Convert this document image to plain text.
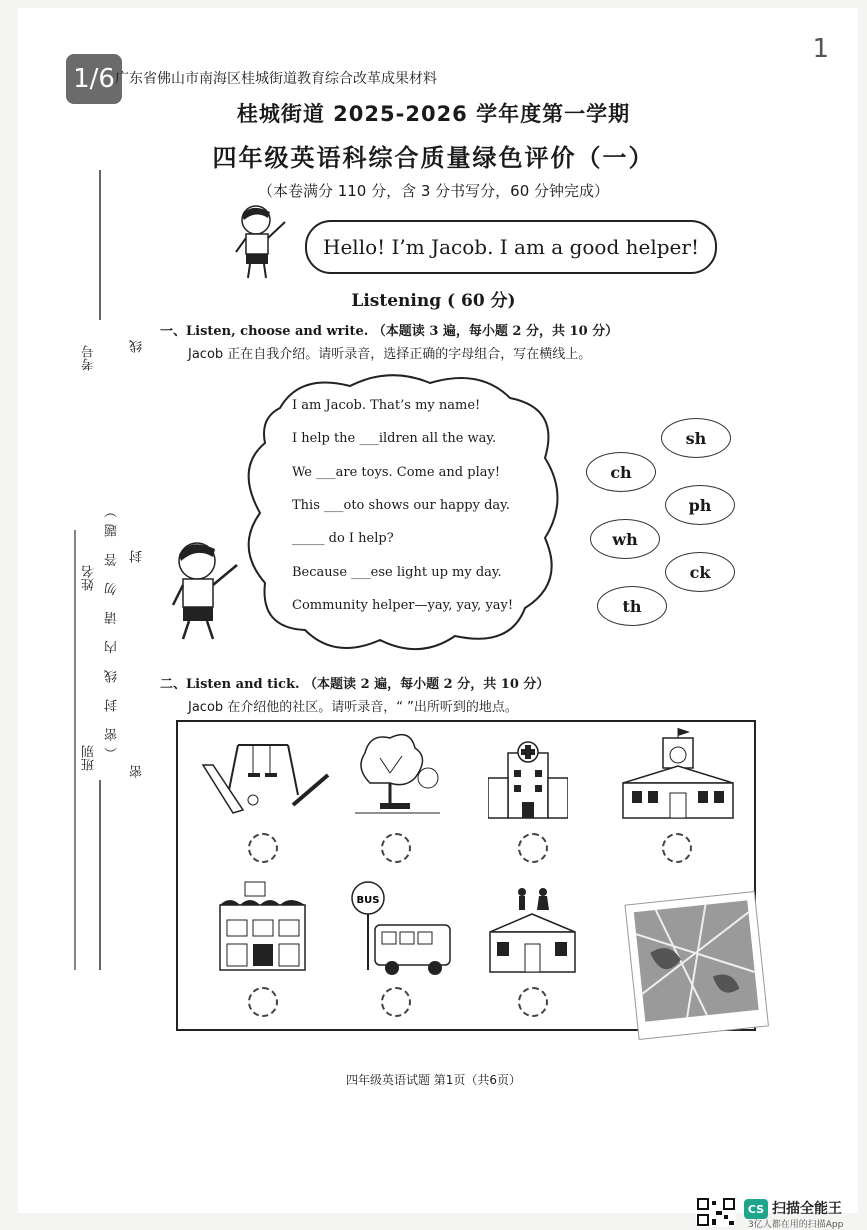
1/6
1
广东省佛山市南海区桂城街道教育综合改革成果材料
桂城街道 2025-2026 学年度第一学期
四年级英语科综合质量绿色评价（一）
（本卷满分 110 分，含 3 分书写分，60 分钟完成）
考号
姓名
班别
线
封
密
（密 封 线 内 请 勿 答 题）
Hello! I’m Jacob. I am a good helper!
Listening ( 60 分)
一、Listen, choose and write. （本题读 3 遍，每小题 2 分，共 10 分）
Jacob 正在自我介绍。请听录音，选择正确的字母组合，写在横线上。
I am Jacob. That’s my name!
I help the ___ildren all the way.
We ___are toys. Come and play!
This ___oto shows our happy day.
_____ do I help?
Because ___ese light up my day.
Community helper—yay, yay, yay!
sh
ch
ph
wh
ck
th
二、Listen and tick. （本题读 2 遍，每小题 2 分，共 10 分）
Jacob 在介绍他的社区。请听录音，“ ”出所听到的地点。
BUS
四年级英语试题 第1页（共6页）
CS 扫描全能王
3亿人都在用的扫描App
